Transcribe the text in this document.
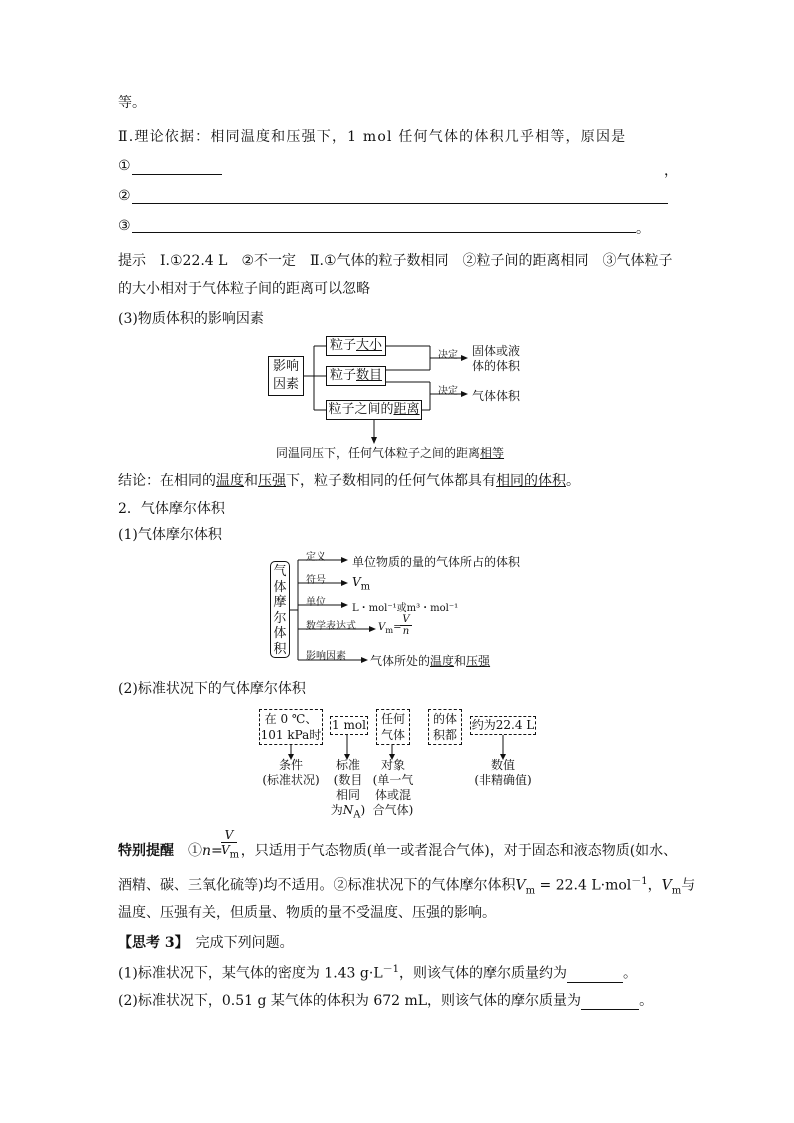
等。
Ⅱ.理论依据：相同温度和压强下，1 mol 任何气体的体积几乎相等，原因是
①	，
②
③	。
提示　Ⅰ.①22.4 L　②不一定　Ⅱ.①气体的粒子数相同　②粒子间的距离相同　③气体粒子
的大小相对于气体粒子间的距离可以忽略
(3)物质体积的影响因素
影响
因素
粒子大小
粒子数目
粒子之间的距离
决定
决定
固体或液
体的体积
气体体积
同温同压下，任何气体粒子之间的距离相等
结论：在相同的温度和压强下，粒子数相同的任何气体都具有相同的体积。
2．气体摩尔体积
(1)气体摩尔体积
气
体
摩
尔
体
积
定义 单位物质的量的气体所占的体积
符号 $V_m$
单位
L・mol⁻¹或m³・mol⁻¹
数学表达式 $V_m=$
$\frac{V}{n}$
影响因素 气体所处的温度和压强
(2)标准状况下的气体摩尔体积
在 0 ℃、
101 kPa时
1 mol	任何
气体
的体
积都
约为22.4 L
条件
(标准状况)
标准
(数目
相同
为$N_A$)
对象
(单一气
体或混
合气体)
数值
(非精确值)
特别提醒　 ①n= ，只适用于气态物质(单一或者混合气体)，对于固态和液态物质(如水、
$\frac{V}{V_m}$
酒精、碳、三氧化硫等)均不适用。②标准状况下的气体摩尔体积$V_m = 22.4$ L·mol$^{-1}$，$V_m$与
温度、压强有关，但质量、物质的量不受温度、压强的影响。
【思考 3】　完成下列问题。
(1)标准状况下，某气体的密度为 1.43 $g\cdot L^{-1}$，则该气体的摩尔质量约为	。
(2)标准状况下，0.51 g 某气体的体积为 672 mL，则该气体的摩尔质量为	。
